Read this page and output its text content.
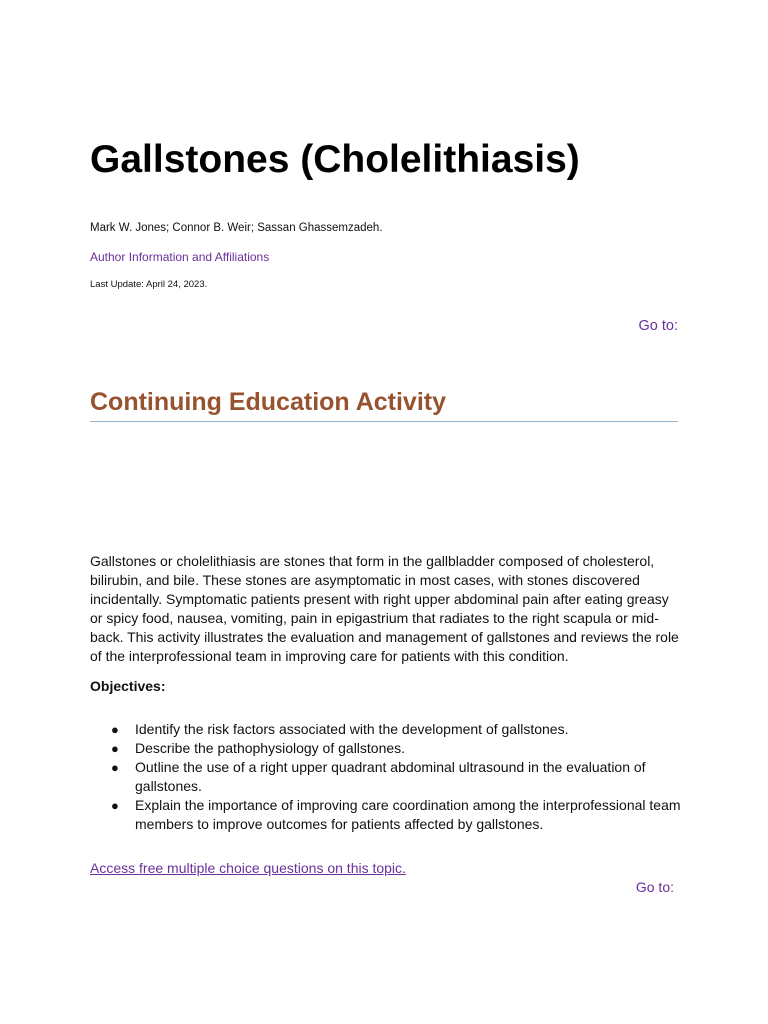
Gallstones (Cholelithiasis)
Mark W. Jones; Connor B. Weir; Sassan Ghassemzadeh.
Author Information and Affiliations
Last Update: April 24, 2023.
Go to:
Continuing Education Activity

Gallstones or cholelithiasis are stones that form in the gallbladder composed of cholesterol, bilirubin, and bile. These stones are asymptomatic in most cases, with stones discovered incidentally. Symptomatic patients present with right upper abdominal pain after eating greasy or spicy food, nausea, vomiting, pain in epigastrium that radiates to the right scapula or mid-back. This activity illustrates the evaluation and management of gallstones and reviews the role of the interprofessional team in improving care for patients with this condition.

Objectives:
● Identify the risk factors associated with the development of gallstones.
● Describe the pathophysiology of gallstones.
● Outline the use of a right upper quadrant abdominal ultrasound in the evaluation of gallstones.
● Explain the importance of improving care coordination among the interprofessional team members to improve outcomes for patients affected by gallstones.
Access free multiple choice questions on this topic.
Go to:
